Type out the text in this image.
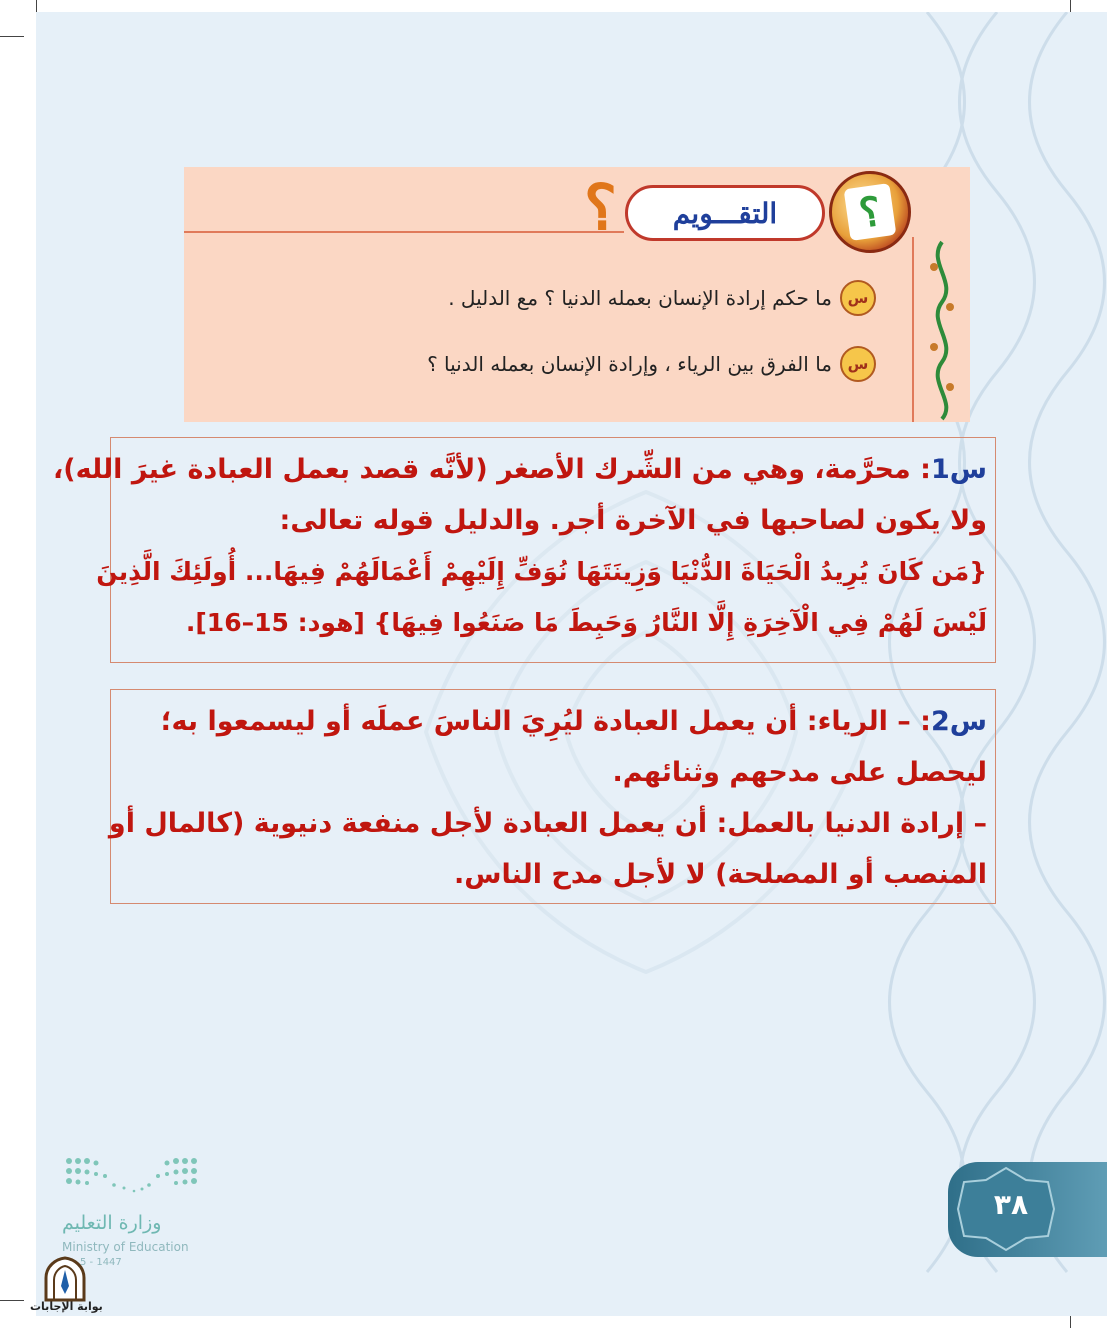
٣٨
؟	التقـــويم	؟
س
ما حكم إرادة الإنسان بعمله الدنيا ؟ مع الدليل .
س
ما الفرق بين الرياء ، وإرادة الإنسان بعمله الدنيا ؟

س1: محرَّمة، وهي من الشِّرك الأصغر (لأنَّه قصد بعمل العبادة غيرَ الله)،

ولا يكون لصاحبها في الآخرة أجر. والدليل قوله تعالى:

{مَن كَانَ يُرِيدُ الْحَيَاةَ الدُّنْيَا وَزِينَتَهَا نُوَفِّ إِلَيْهِمْ أَعْمَالَهُمْ فِيهَا... أُولَئِكَ الَّذِينَ

لَيْسَ لَهُمْ فِي الْآخِرَةِ إِلَّا النَّارُ وَحَبِطَ مَا صَنَعُوا فِيهَا} [هود: 15–16].

س2: – الرياء: أن يعمل العبادة ليُرِيَ الناسَ عملَه أو ليسمعوا به؛

ليحصل على مدحهم وثنائهم.

– إرادة الدنيا بالعمل: أن يعمل العبادة لأجل منفعة دنيوية (كالمال أو

المنصب أو المصلحة) لا لأجل مدح الناس.

وزارة التعليم
Ministry of Education
5 - 1447
بوابة الإجابات
